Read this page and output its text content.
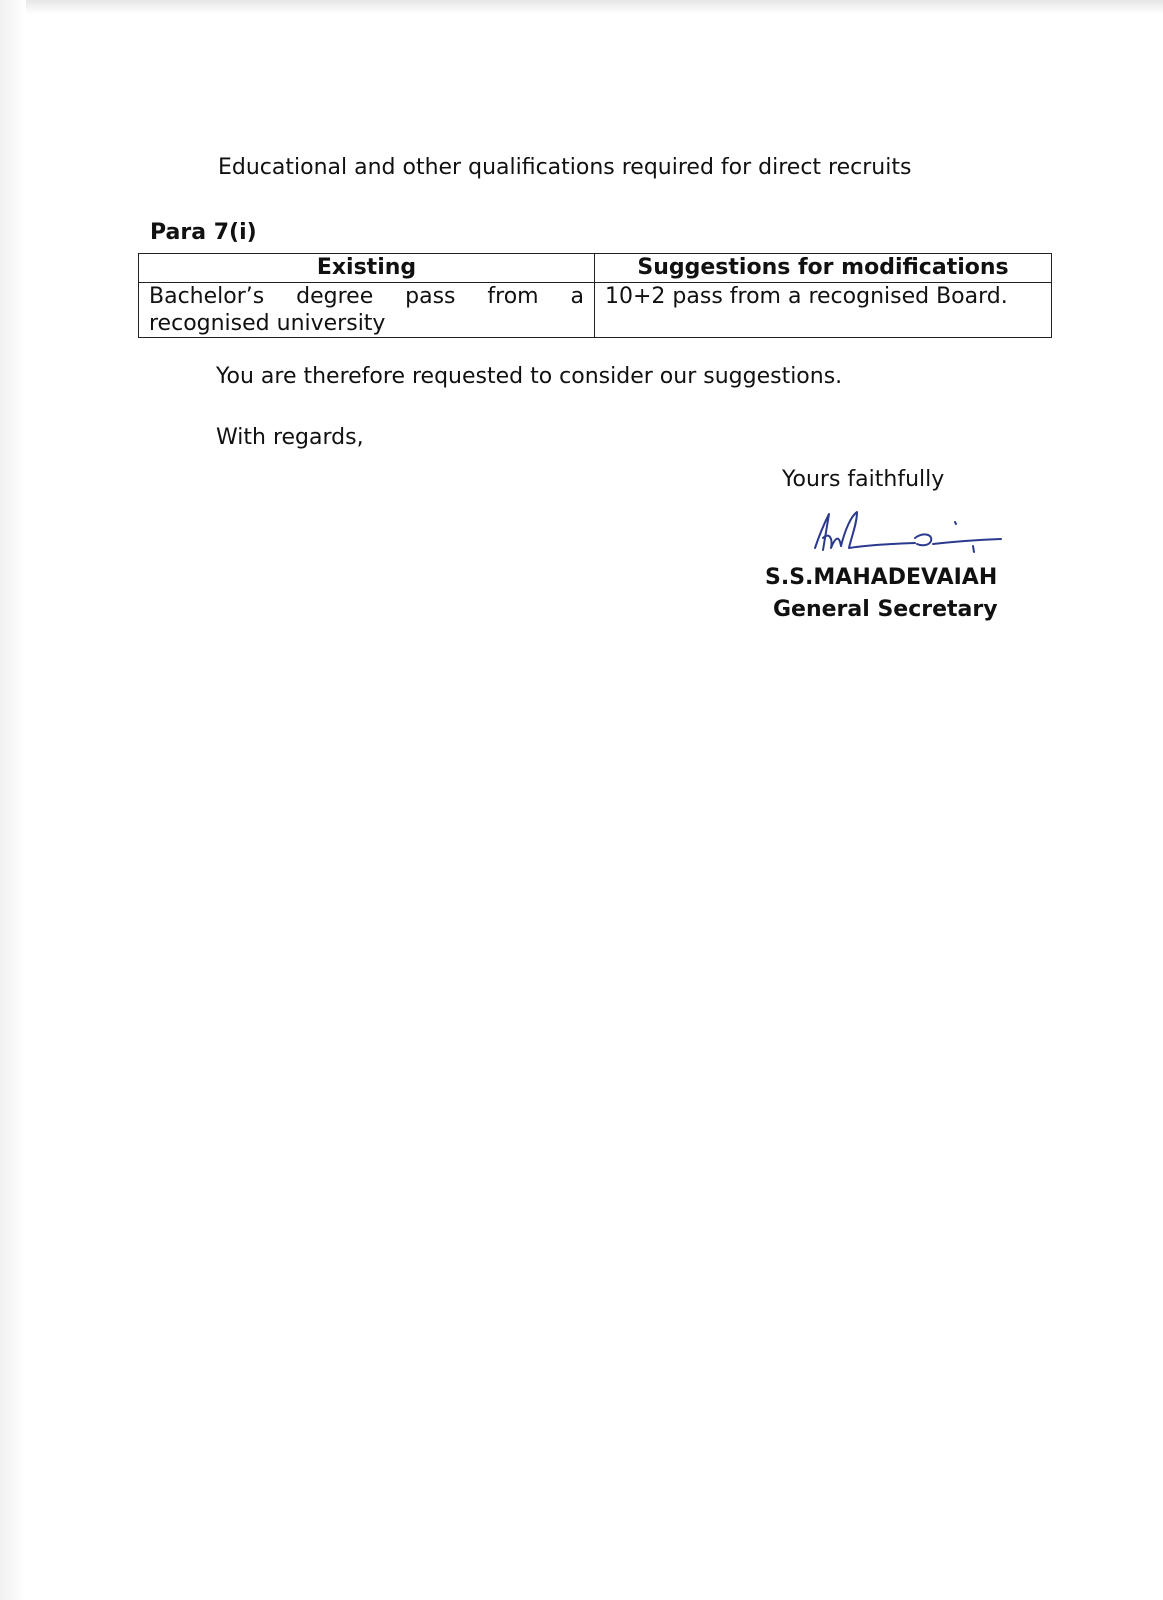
Educational and other qualifications required for direct recruits
Para 7(i)
Existing	Suggestions for modifications
Bachelor’s degree pass from a recognised university	10+2 pass from a recognised Board.
You are therefore requested to consider our suggestions.
With regards,
Yours faithfully
S.S.MAHADEVAIAH
General Secretary
